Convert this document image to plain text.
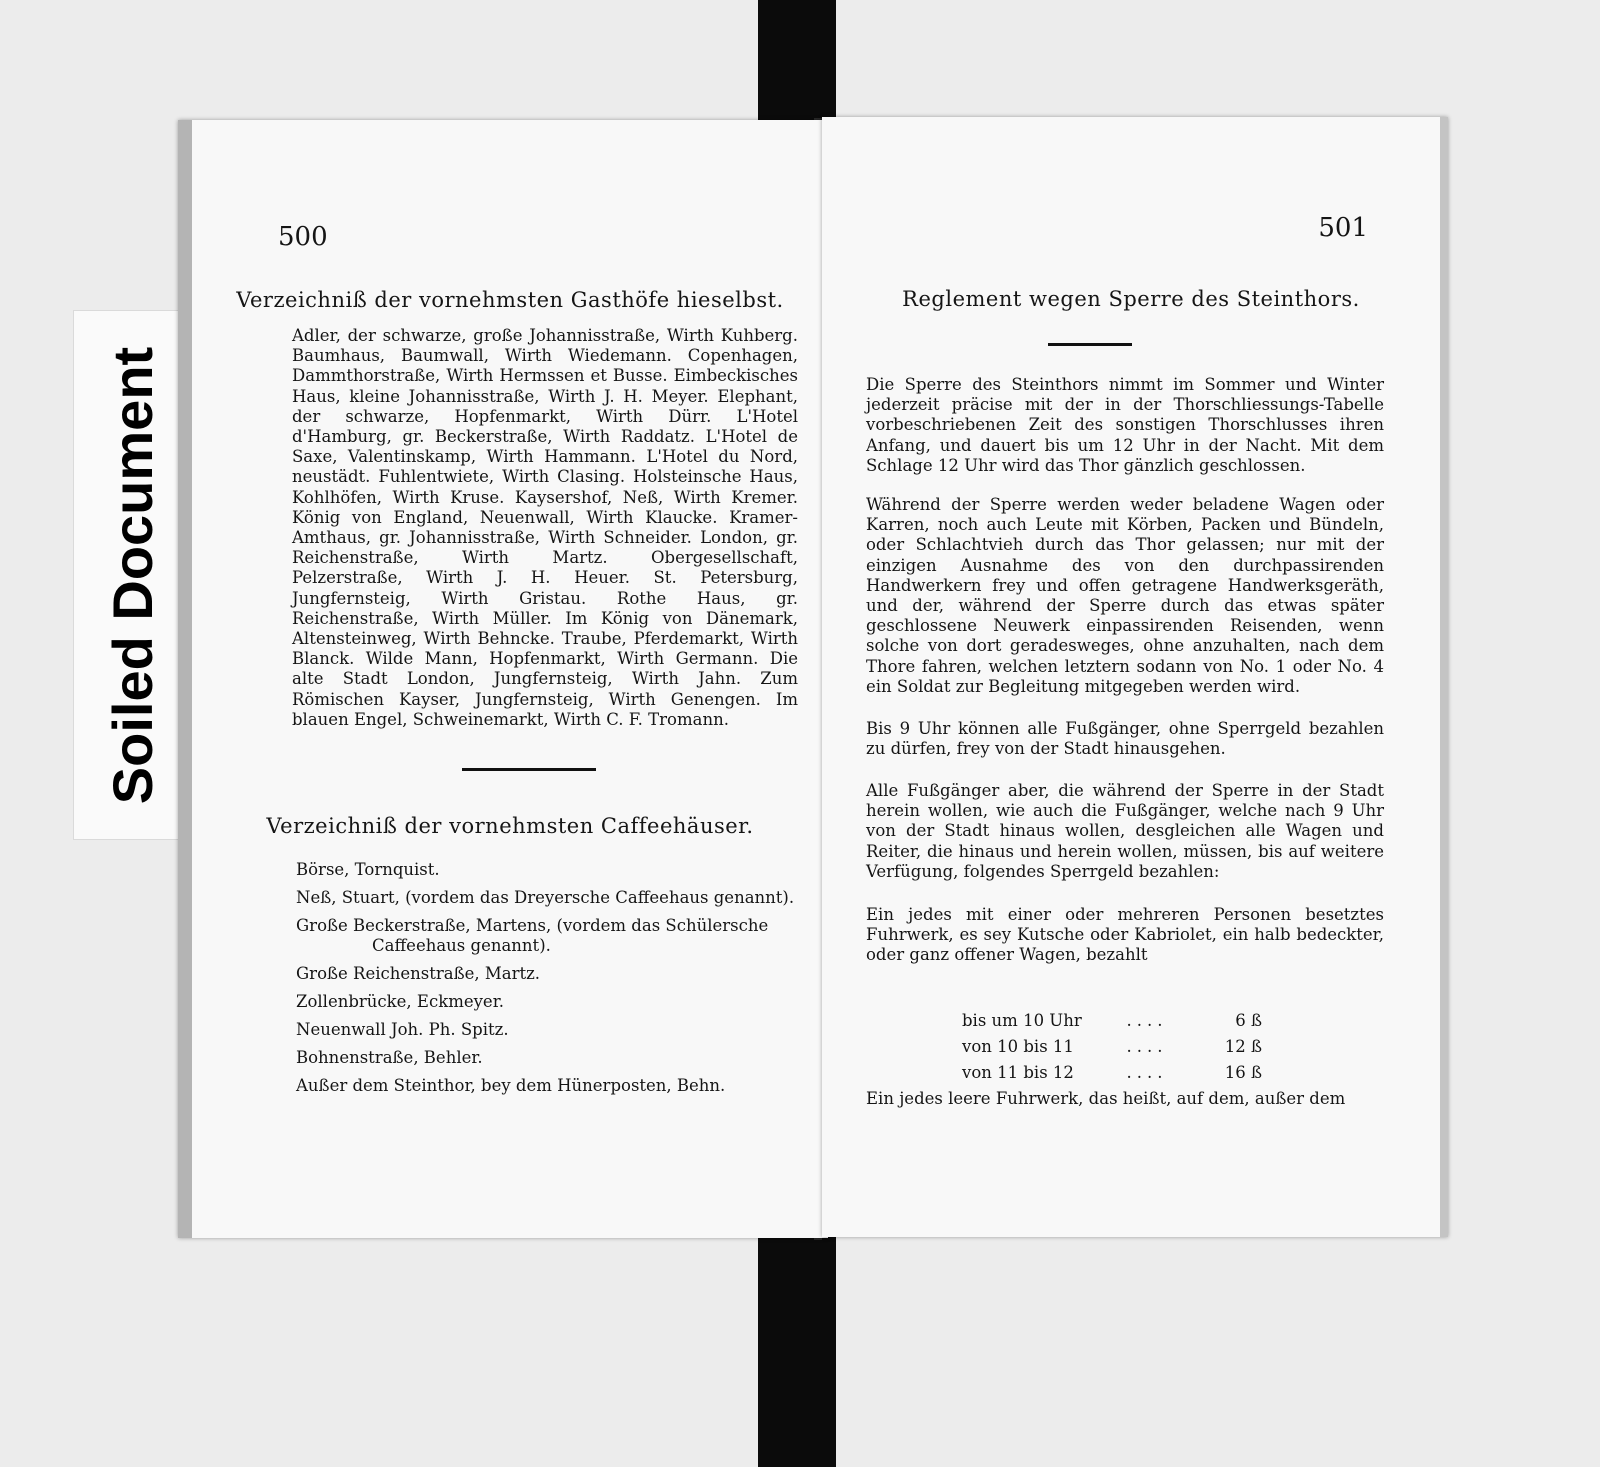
Soiled Document
500
Verzeichniß der vornehmsten Gasthöfe hieselbst.
Adler, der schwarze, große Johannisstraße, Wirth Kuhberg. Baumhaus, Baumwall, Wirth Wiedemann. Copenhagen, Dammthorstraße, Wirth Hermssen et Busse. Eimbeckisches Haus, kleine Johannisstraße, Wirth J. H. Meyer. Elephant, der schwarze, Hopfenmarkt, Wirth Dürr. L'Hotel d'Hamburg, gr. Beckerstraße, Wirth Raddatz. L'Hotel de Saxe, Valentinskamp, Wirth Hammann. L'Hotel du Nord, neustädt. Fuhlentwiete, Wirth Clasing. Holsteinsche Haus, Kohlhöfen, Wirth Kruse. Kaysershof, Neß, Wirth Kremer. König von England, Neuenwall, Wirth Klaucke. Kramer-Amthaus, gr. Johannisstraße, Wirth Schneider. London, gr. Reichenstraße, Wirth Martz. Obergesellschaft, Pelzerstraße, Wirth J. H. Heuer. St. Petersburg, Jungfernsteig, Wirth Gristau. Rothe Haus, gr. Reichenstraße, Wirth Müller. Im König von Dänemark, Altensteinweg, Wirth Behncke. Traube, Pferdemarkt, Wirth Blanck. Wilde Mann, Hopfenmarkt, Wirth Germann. Die alte Stadt London, Jungfernsteig, Wirth Jahn. Zum Römischen Kayser, Jungfernsteig, Wirth Genengen. Im blauen Engel, Schweinemarkt, Wirth C. F. Tromann.
Verzeichniß der vornehmsten Caffeehäuser.
Börse, Tornquist.
Neß, Stuart, (vordem das Dreyersche Caffeehaus genannt).
Große Beckerstraße, Martens, (vordem das Schülersche Caffeehaus genannt).
Große Reichenstraße, Martz.
Zollenbrücke, Eckmeyer.
Neuenwall Joh. Ph. Spitz.
Bohnenstraße, Behler.
Außer dem Steinthor, bey dem Hünerposten, Behn.
501
Reglement wegen Sperre des Steinthors.
Die Sperre des Steinthors nimmt im Sommer und Winter jederzeit präcise mit der in der Thorschliessungs-Tabelle vorbeschriebenen Zeit des sonstigen Thorschlusses ihren Anfang, und dauert bis um 12 Uhr in der Nacht. Mit dem Schlage 12 Uhr wird das Thor gänzlich geschlossen.
Während der Sperre werden weder beladene Wagen oder Karren, noch auch Leute mit Körben, Packen und Bündeln, oder Schlachtvieh durch das Thor gelassen; nur mit der einzigen Ausnahme des von den durchpassirenden Handwerkern frey und offen getragene Handwerksgeräth, und der, während der Sperre durch das etwas später geschlossene Neuwerk einpassirenden Reisenden, wenn solche von dort geradesweges, ohne anzuhalten, nach dem Thore fahren, welchen letztern sodann von No. 1 oder No. 4 ein Soldat zur Begleitung mitgegeben werden wird.
Bis 9 Uhr können alle Fußgänger, ohne Sperrgeld bezahlen zu dürfen, frey von der Stadt hinausgehen.
Alle Fußgänger aber, die während der Sperre in der Stadt herein wollen, wie auch die Fußgänger, welche nach 9 Uhr von der Stadt hinaus wollen, desgleichen alle Wagen und Reiter, die hinaus und herein wollen, müssen, bis auf weitere Verfügung, folgendes Sperrgeld bezahlen:
Ein jedes mit einer oder mehreren Personen besetztes Fuhrwerk, es sey Kutsche oder Kabriolet, ein halb bedeckter, oder ganz offener Wagen, bezahlt
bis um 10 Uhr	....	6 ß
von 10 bis 11	....	12 ß
von 11 bis 12	....	16 ß
Ein jedes leere Fuhrwerk, das heißt, auf dem, außer dem
